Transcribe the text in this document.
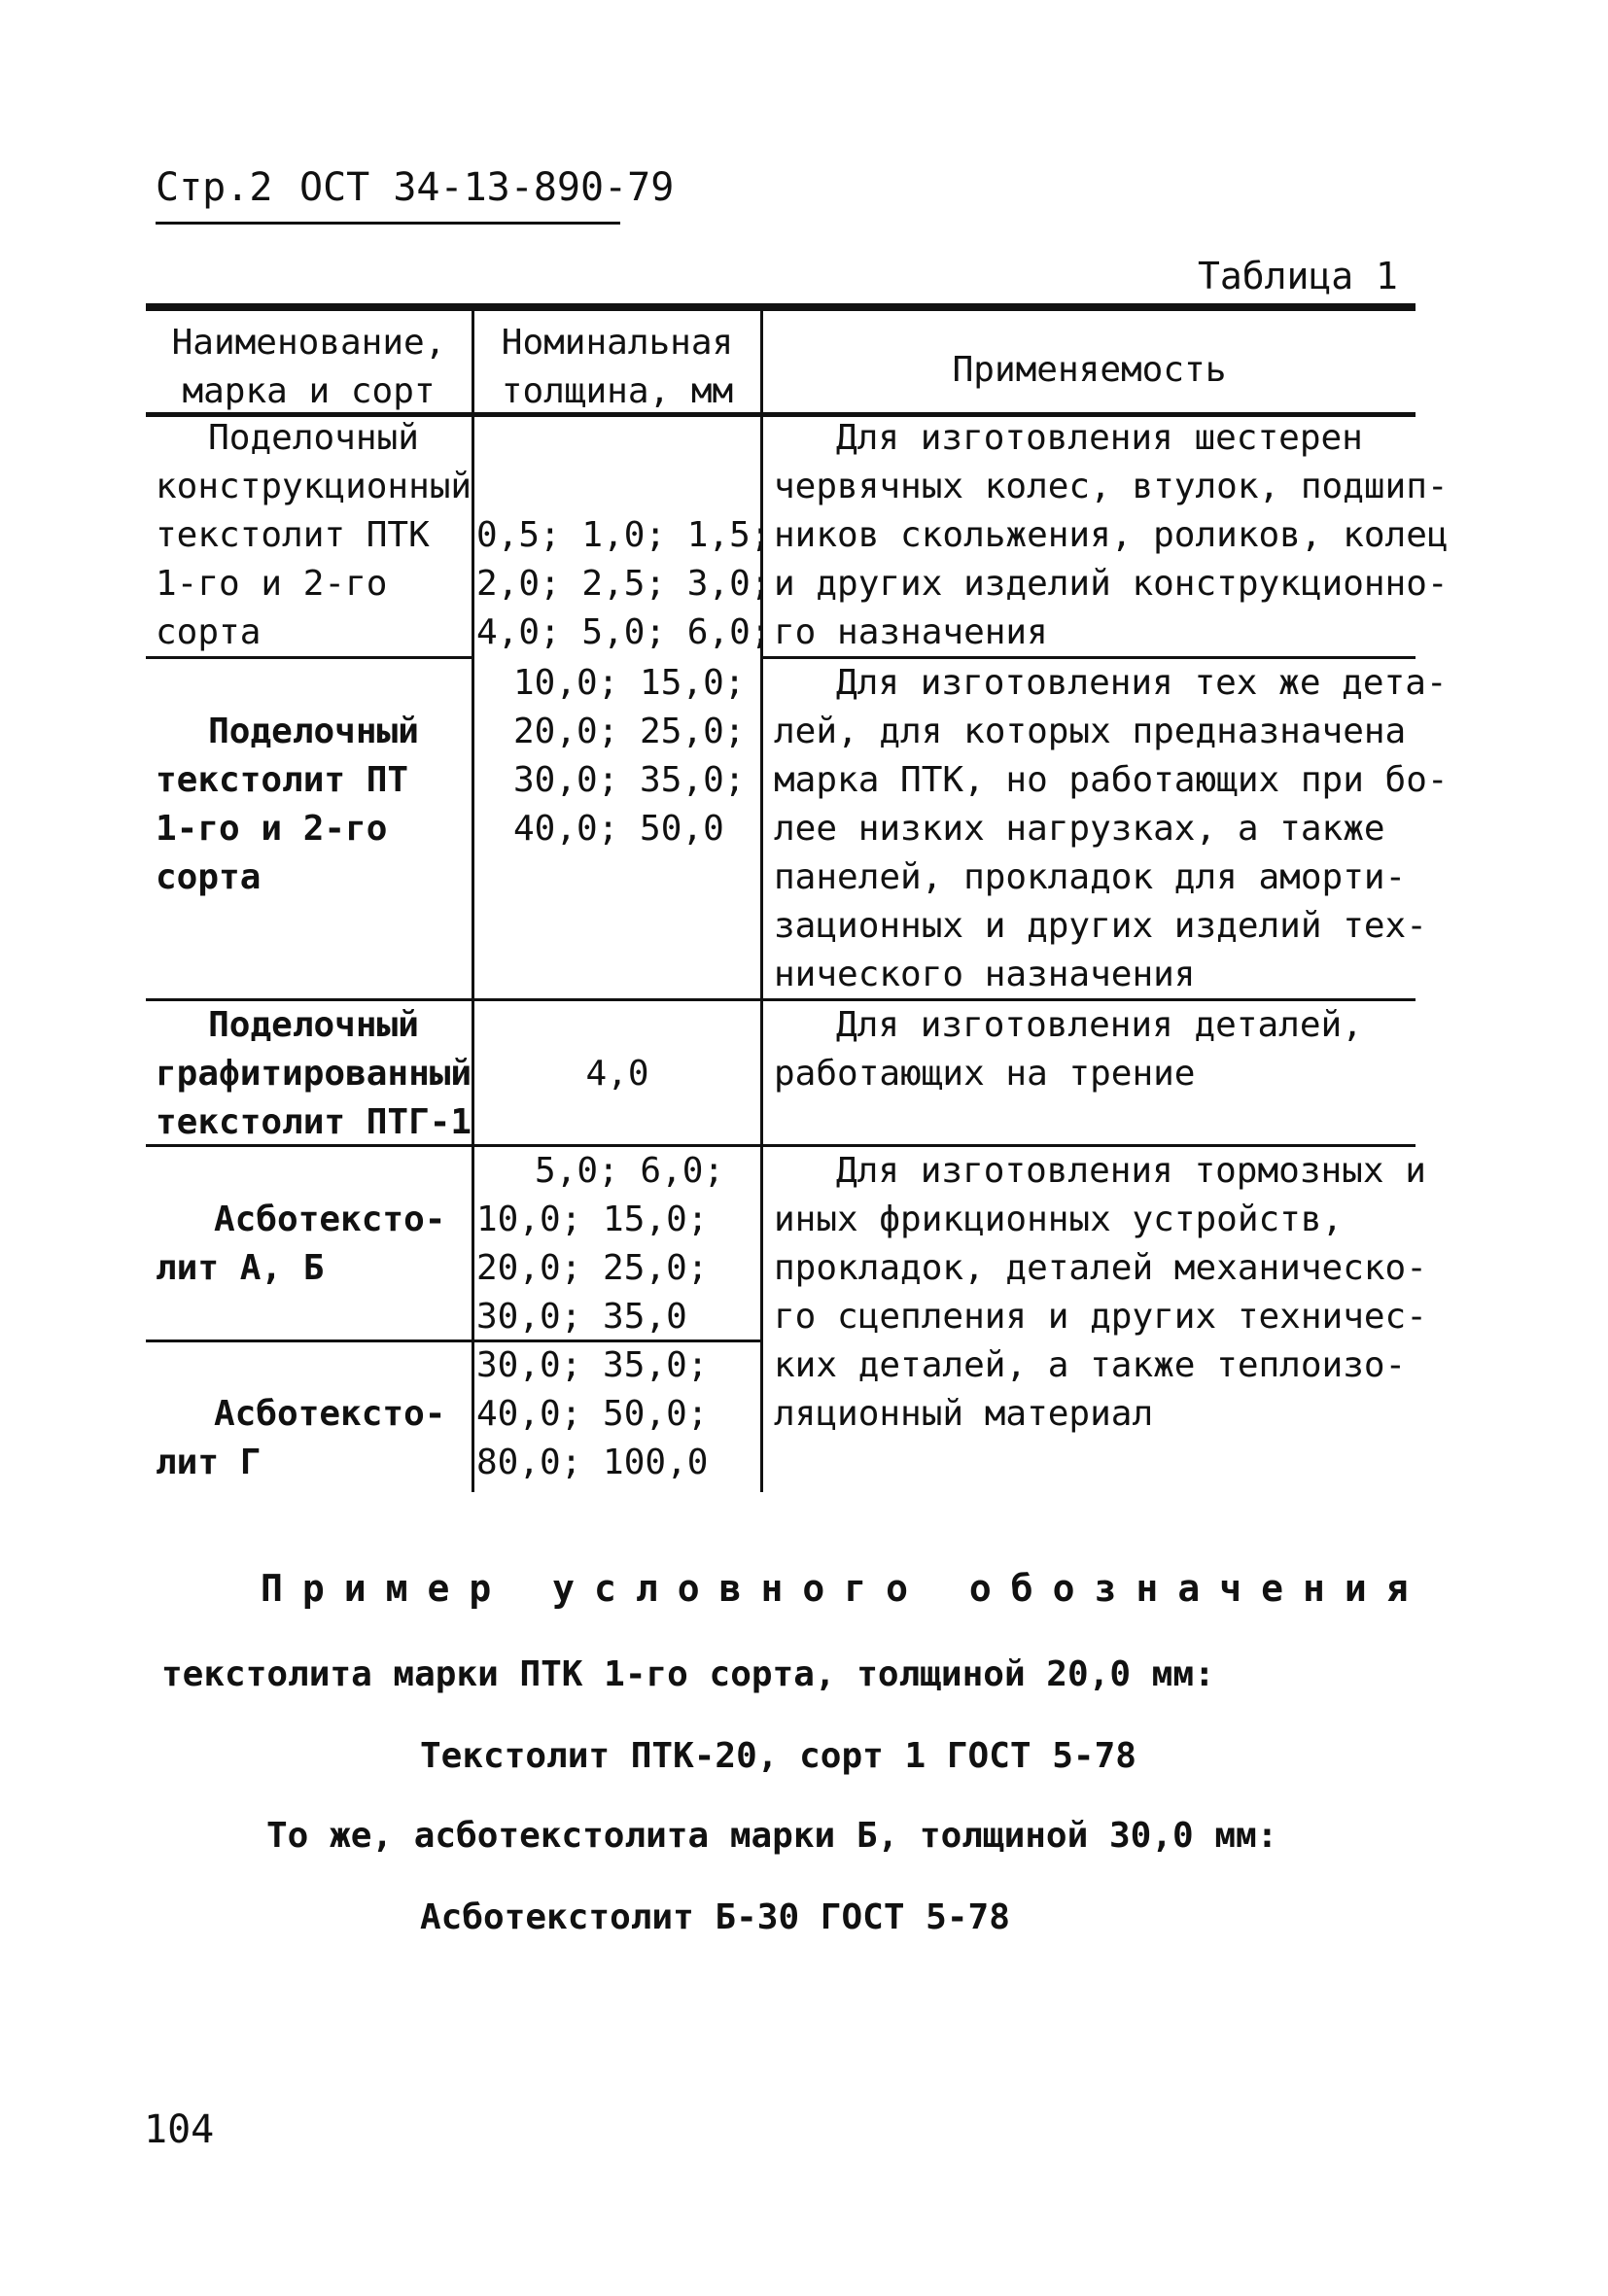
Стр.2 ОСТ 34-13-890-79
Таблица 1
Наименование,
марка и сорт
Номинальная
толщина, мм
Применяемость
Поделочный
конструкционный
текстолит ПТК
1-го и 2-го
сорта

0,5; 1,0; 1,5;
2,0; 2,5; 3,0;
4,0; 5,0; 6,0;
Для изготовления шестерен
червячных колес, втулок, подшип-
ников скольжения, роликов, колец
и других изделий конструкционно-
го назначения
Поделочный
текстолит ПТ
1-го и 2-го
сорта
10,0; 15,0;
20,0; 25,0;
30,0; 35,0;
40,0; 50,0
Для изготовления тех же дета-
лей, для которых предназначена
марка ПТК, но работающих при бо-
лее низких нагрузках, а также
панелей, прокладок для аморти-
зационных и других изделий тех-
нического назначения
Поделочный
графитированный
текстолит ПТГ-1
4,0
Для изготовления деталей,
работающих на трение
Асботексто-
лит А, Б
5,0; 6,0;
10,0; 15,0;
20,0; 25,0;
30,0; 35,0
Для изготовления тормозных и
иных фрикционных устройств,
прокладок, деталей механическо-
го сцепления и других техничес-
ких деталей, а также теплоизо-
ляционный материал
Асботексто-
лит Г
30,0; 35,0;
40,0; 50,0;
80,0; 100,0
Пример условного обозначения
текстолита марки ПТК 1-го сорта, толщиной 20,0 мм:
Текстолит ПТК-20, сорт 1 ГОСТ 5-78
То же, асботекстолита марки Б, толщиной 30,0 мм:
Асботекстолит Б-30 ГОСТ 5-78
104
